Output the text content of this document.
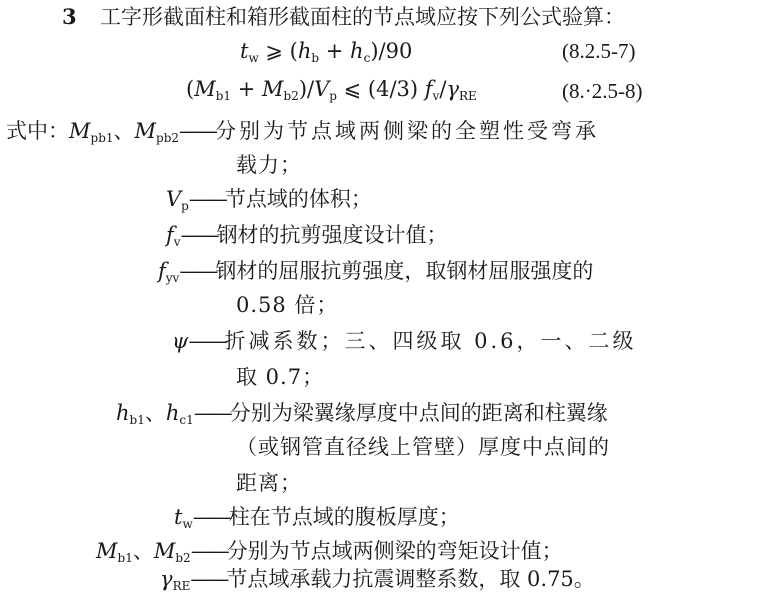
3 工字形截面柱和箱形截面柱的节点域应按下列公式验算：
$t_w$ ⩾ $(h_b + h_c)/90$	(8.2.5-7)
$(M_{b1} + M_{b2})/V_p$ ⩽ (4/3) $f_v/\gamma_{RE}$	(8.·2.5-8)
式中：$M_{pb1}$、$M_{pb2}——$分别为节点域两侧梁的全塑性受弯承
载力；
$V_p——$节点域的体积；
$f_v——$钢材的抗剪强度设计值；
$f_{yv}——$钢材的屈服抗剪强度，取钢材屈服强度的
0.58 倍；
ψ——折减系数；三、四级取 0.6，一、二级
取 0.7；
$h_{b1}$、$h_{c1}——$分别为梁翼缘厚度中点间的距离和柱翼缘
（或钢管直径线上管壁）厚度中点间的
距离；
$t_w——$柱在节点域的腹板厚度；
$M_{b1}$、$M_{b2}——$分别为节点域两侧梁的弯矩设计值；
$\gamma_{RE}——$节点域承载力抗震调整系数，取 0.75。
